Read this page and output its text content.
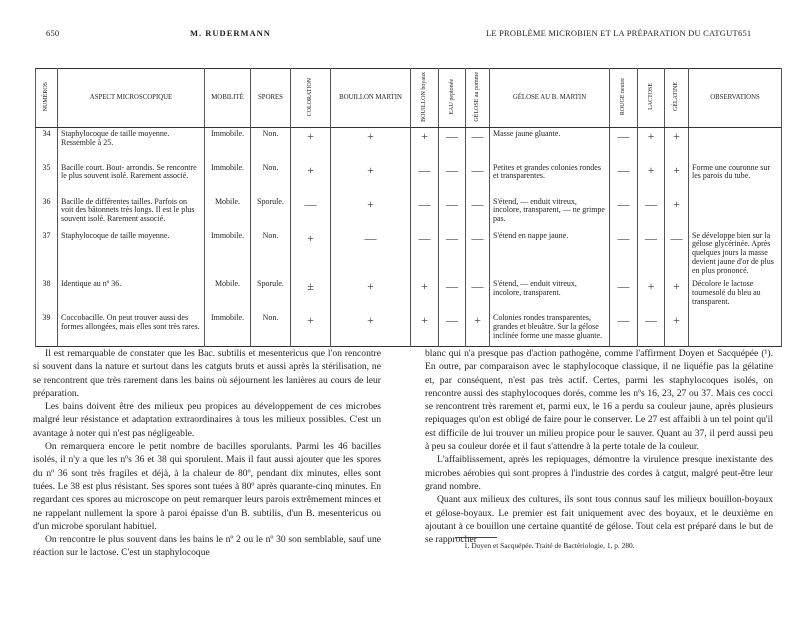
650	M. RUDERMANN	LE PROBLÈME MICROBIEN ET LA PRÉPARATION DU CATGUT 651
NUMÉROS	ASPECT MICROSCOPIQUE	MOBILITÉ	SPORES	COLORATION	BOUILLON MARTIN	BOUILLON boyaux	EAU peptonée	GÉLOSE au pomme	GÉLOSE AU B. MARTIN	ROUGE neutre	LACTOSE	GÉLATINE	OBSERVATIONS
34	Staphylocoque de taille moyenne. Ressemble à 25.	Immobile.	Non.	+	+	+	—	—	Masse jaune gluante.	—	+	+	
35	Bacille court. Bout- arrondis. Se rencontre le plus souvent isolé. Rarement associé.	Immobile.	Non.	+	+	—	—	—	Petites et grandes colonies rondes et transparentes.	—	+	+	Forme une couronne sur les parois du tube.
36	Bacille de différentes tailles. Parfois on voit des bâtonnets très longs. Il est le plus souvent isolé. Rarement associé.	Mobile.	Sporule.	—	+	—	—	—	S'étend, — enduit vitreux, incolore, transparent, — ne grimpe pas.	—	—	+	
37	Staphylocoque de taille moyenne.	Immobile.	Non.	+	—	—	—	—	S'étend en nappe jaune.	—	—	—	Se développe bien sur la gélose glycérinée. Après quelques jours la masse devient jaune d'or de plus en plus prononcé.
38	Identique au nº 36.	Mobile.	Sporule.	±	+	+	—	—	S'étend, — enduit vitreux, incolore, transparent.	—	+	+	Décolore le lactose tournesolé du bleu au transparent.
39	Coccobacille. On peut trouver aussi des formes allongées, mais elles sont très rares.	Immobile.	Non.	+	+	+	—	+	Colonies rondes transparentes, grandes et bleuâtre. Sur la gélose inclinée forme une masse gluante.	—	—	+	

Il est remarquable de constater que les Bac. subtilis et mesentericus que l'on rencontre si souvent dans la nature et surtout dans les catguts bruts et aussi après la stérilisation, ne se rencontrent que très rarement dans les bains où séjournent les lanières au cours de leur préparation.

Les bains doivent être des milieux peu propices au développement de ces microbes malgré leur résistance et adaptation extraordinaires à tous les milieux possibles. C'est un avantage à noter qui n'est pas négligeable.

On remarquera encore le petit nombre de bacilles sporulants. Parmi les 46 bacilles isolés, il n'y a que les nºs 36 et 38 qui sporulent. Mais il faut aussi ajouter que les spores du nº 36 sont très fragiles et déjà, à la chaleur de 80º, pendant dix minutes, elles sont tuées. Le 38 est plus résistant. Ses spores sont tuées à 80º après quarante-cinq minutes. En regardant ces spores au microscope on peut remarquer leurs parois extrêmement minces et ne rappelant nullement la spore à paroi épaisse d'un B. subtilis, d'un B. mesentericus ou d'un microbe sporulant habituel.

On rencontre le plus souvent dans les bains le nº 2 ou le nº 30 son semblable, sauf une réaction sur le lactose. C'est un staphylocoque

blanc qui n'a presque pas d'action pathogène, comme l'affirment Doyen et Sacquépée (¹). En outre, par comparaison avec le staphylocoque classique, il ne liquéfie pas la gélatine et, par conséquent, n'est pas très actif. Certes, parmi les staphylocoques isolés, on rencontre aussi des staphylocoques dorés, comme les nºs 16, 23, 27 ou 37. Mais ces cocci se rencontrent très rarement et, parmi eux, le 16 a perdu sa couleur jaune, après plusieurs repiquages qu'on est obligé de faire pour le conserver. Le 27 est affaibli à un tel point qu'il est difficile de lui trouver un milieu propice pour le sauver. Quant au 37, il perd aussi peu à peu sa couleur dorée et il faut s'attendre à la perte totale de la couleur.

L'affaiblissement, après les repiquages, démontre la virulence presque inexistante des microbes aérobies qui sont propres à l'industrie des cordes à catgut, malgré peut-être leur grand nombre.

Quant aux milieux des cultures, ils sont tous connus sauf les milieux bouillon-boyaux et gélose-boyaux. Le premier est fait uniquement avec des boyaux, et le deuxième en ajoutant à ce bouillon une certaine quantité de gélose. Tout cela est préparé dans le but de se rapprocher

1. Doyen et Sacquépée. Traité de Bactériologie, 1, p. 280.
